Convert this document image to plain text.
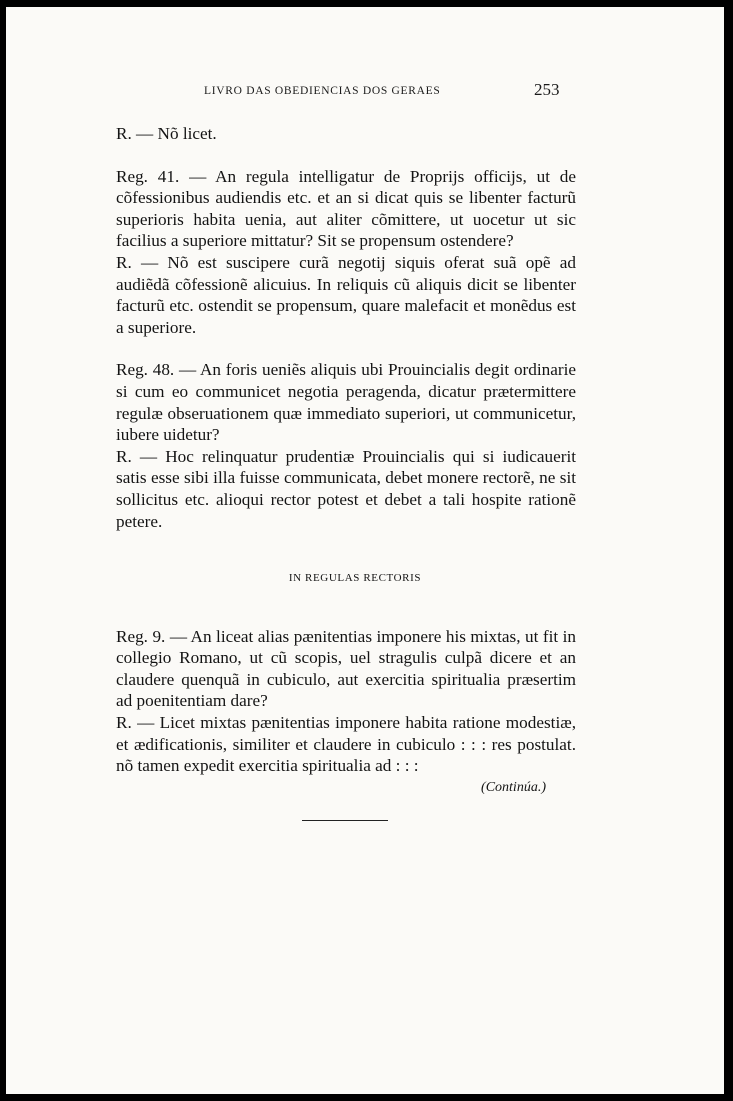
LIVRO DAS OBEDIENCIAS DOS GERAES	253

R. — Nõ licet.

Reg. 41. — An regula intelligatur de Proprijs officijs, ut de cõfessionibus audiendis etc. et an si dicat quis se libenter facturũ superioris habita uenia, aut aliter cõmittere, ut uocetur ut sic facilius a superiore mittatur? Sit se propensum ostendere?

R. — Nõ est suscipere curã negotij siquis oferat suã opẽ ad audiẽdã cõfessionẽ alicuius. In reliquis cũ aliquis dicit se libenter facturũ etc. ostendit se propensum, quare malefacit et monẽdus est a superiore.

Reg. 48. — An foris ueniẽs aliquis ubi Prouincialis degit ordinarie si cum eo communicet negotia peragenda, dicatur prætermittere regulæ obseruationem quæ immediato superiori, ut communicetur, iubere uidetur?

R. — Hoc relinquatur prudentiæ Prouincialis qui si iudicauerit satis esse sibi illa fuisse communicata, debet monere rectorẽ, ne sit sollicitus etc. alioqui rector potest et debet a tali hospite rationẽ petere.

IN REGULAS RECTORIS

Reg. 9. — An liceat alias pænitentias imponere his mixtas, ut fit in collegio Romano, ut cũ scopis, uel stragulis culpã dicere et an claudere quenquã in cubiculo, aut exercitia spiritualia præsertim ad poenitentiam dare?

R. — Licet mixtas pænitentias imponere habita ratione modestiæ, et ædificationis, similiter et claudere in cubiculo : : : res postulat. nõ tamen expedit exercitia spiritualia ad : : :

(Continúa.)
